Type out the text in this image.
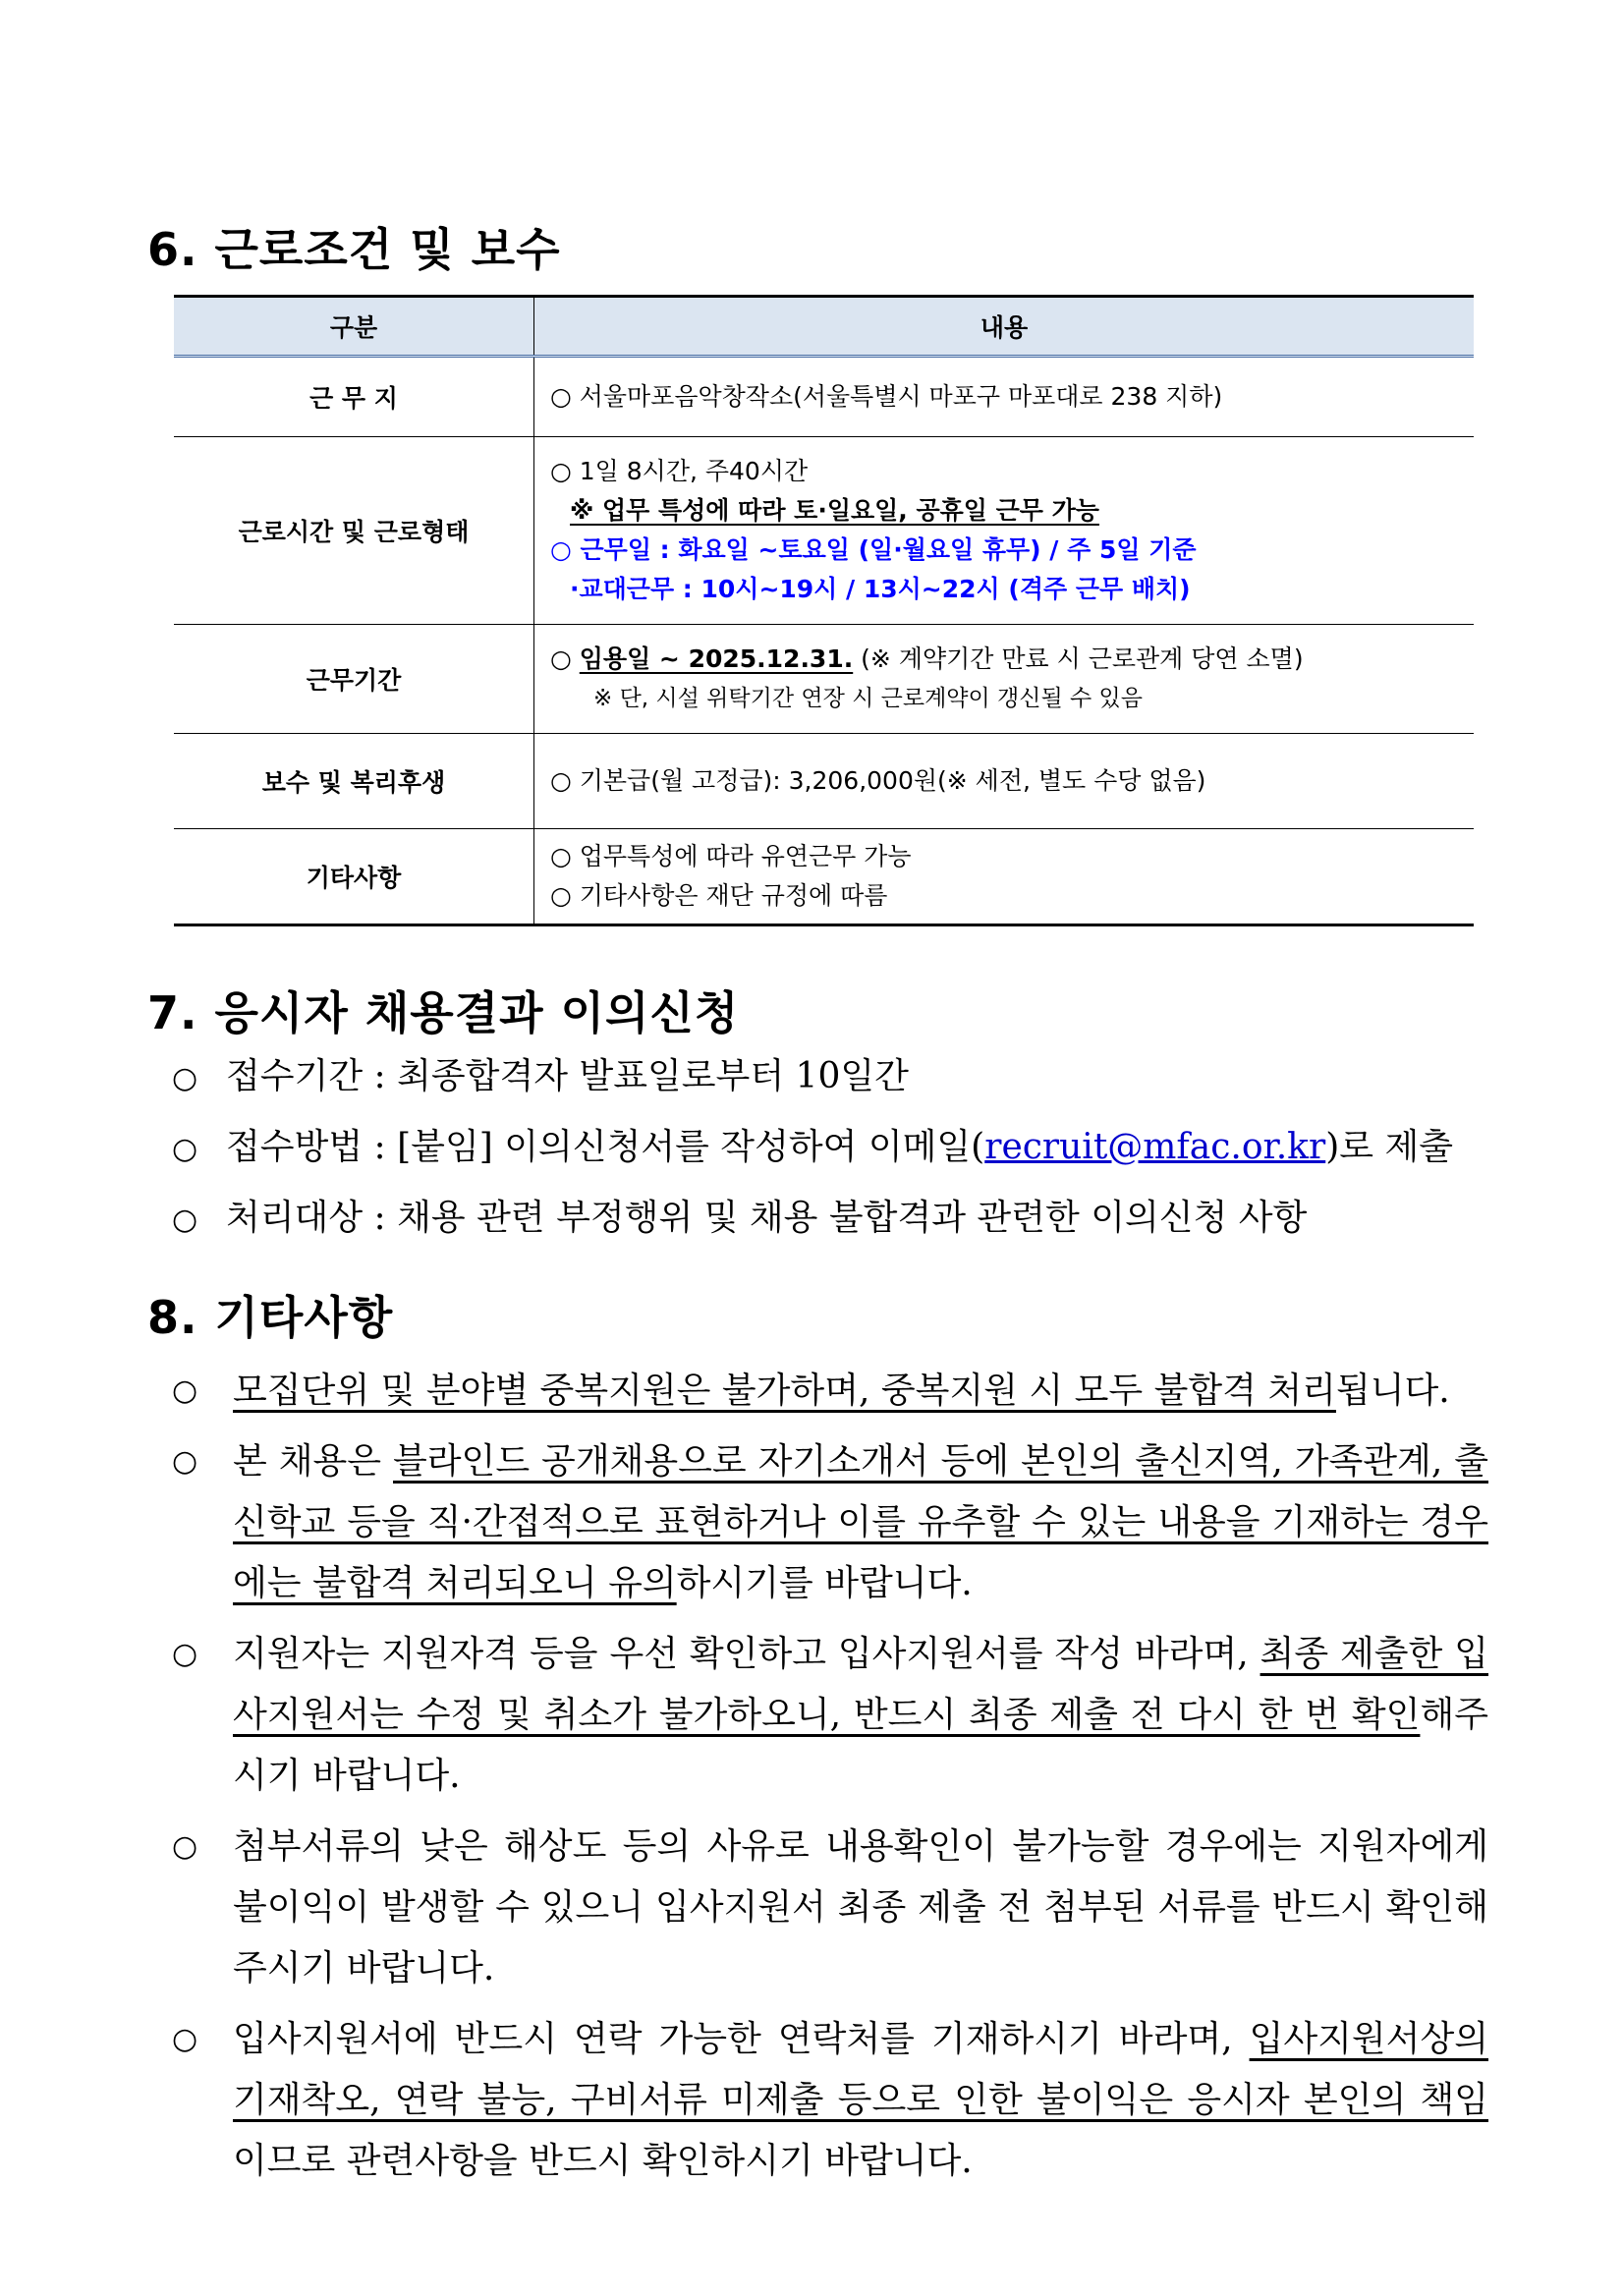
6. 근로조건 및 보수
구분	내용
근 무 지	○ 서울마포음악창작소(서울특별시 마포구 마포대로 238 지하)

근로시간 및 근로형태	○ 1일 8시간, 주40시간
※ 업무 특성에 따라 토·일요일, 공휴일 근무 가능
○ 근무일 : 화요일 ~토요일 (일·월요일 휴무) / 주 5일 기준
·교대근무 : 10시~19시 / 13시~22시 (격주 근무 배치)

근무기간	○ 임용일 ~ 2025.12.31. (※ 계약기간 만료 시 근로관계 당연 소멸)
※ 단, 시설 위탁기간 연장 시 근로계약이 갱신될 수 있음

보수 및 복리후생	○ 기본급(월 고정급): 3,206,000원(※ 세전, 별도 수당 없음)

기타사항	○ 업무특성에 따라 유연근무 가능
○ 기타사항은 재단 규정에 따름
7. 응시자 채용결과 이의신청
○ 접수기간 : 최종합격자 발표일로부터 10일간
○ 접수방법 : [붙임] 이의신청서를 작성하여 이메일(recruit@mfac.or.kr)로 제출
○ 처리대상 : 채용 관련 부정행위 및 채용 불합격과 관련한 이의신청 사항
8. 기타사항
○ 모집단위 및 분야별 중복지원은 불가하며, 중복지원 시 모두 불합격 처리됩니다.
○ 본 채용은 블라인드 공개채용으로 자기소개서 등에 본인의 출신지역, 가족관계, 출신학교 등을 직·간접적으로 표현하거나 이를 유추할 수 있는 내용을 기재하는 경우에는 불합격 처리되오니 유의하시기를 바랍니다.
○ 지원자는 지원자격 등을 우선 확인하고 입사지원서를 작성 바라며, 최종 제출한 입사지원서는 수정 및 취소가 불가하오니, 반드시 최종 제출 전 다시 한 번 확인해주시기 바랍니다.
○ 첨부서류의 낮은 해상도 등의 사유로 내용확인이 불가능할 경우에는 지원자에게 불이익이 발생할 수 있으니 입사지원서 최종 제출 전 첨부된 서류를 반드시 확인해주시기 바랍니다.
○ 입사지원서에 반드시 연락 가능한 연락처를 기재하시기 바라며, 입사지원서상의 기재착오, 연락 불능, 구비서류 미제출 등으로 인한 불이익은 응시자 본인의 책임이므로 관련사항을 반드시 확인하시기 바랍니다.
